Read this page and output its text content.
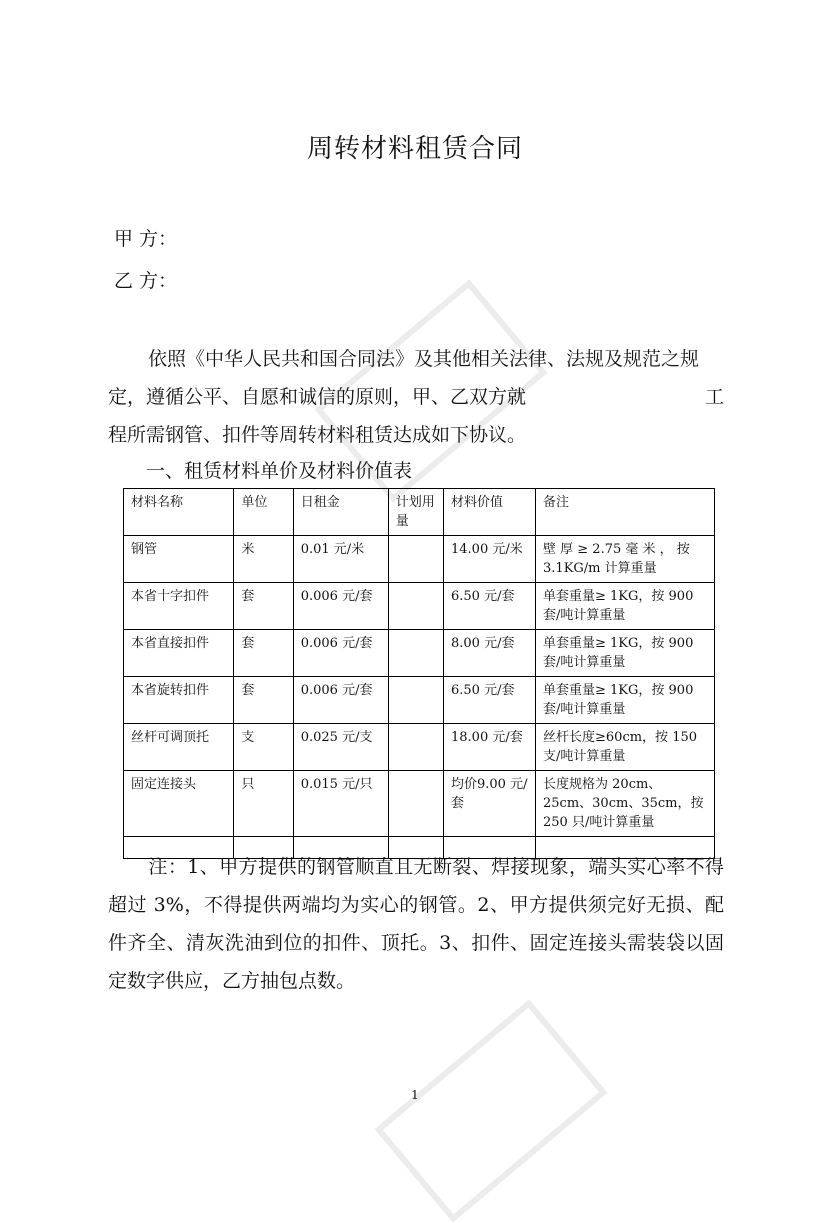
周转材料租赁合同
甲 方：
乙 方：
依照《中华人民共和国合同法》及其他相关法律、法规及规范之规
定，遵循公平、自愿和诚信的原则，甲、乙双方就	工
程所需钢管、扣件等周转材料租赁达成如下协议。
一、租赁材料单价及材料价值表
材料名称	单位	日租金	计划用量	材料价值	备注
钢管	米	0.01 元/米		14.00 元/米	壁 厚 ≥ 2.75 毫 米 ， 按 3.1KG/m 计算重量
本省十字扣件	套	0.006 元/套		6.50 元/套	单套重量≥ 1KG，按 900 套/吨计算重量
本省直接扣件	套	0.006 元/套		8.00 元/套	单套重量≥ 1KG，按 900 套/吨计算重量
本省旋转扣件	套	0.006 元/套		6.50 元/套	单套重量≥ 1KG，按 900 套/吨计算重量
丝杆可调顶托	支	0.025 元/支		18.00 元/套	丝杆长度≥60cm，按 150 支/吨计算重量
固定连接头	只	0.015 元/只		均价9.00 元/套	长度规格为 20cm、25cm、30cm、35cm，按 250 只/吨计算重量

注：1、甲方提供的钢管顺直且无断裂、焊接现象，端头实心率不得超过 3%，不得提供两端均为实心的钢管。2、甲方提供须完好无损、配件齐全、清灰洗油到位的扣件、顶托。3、扣件、固定连接头需装袋以固定数字供应，乙方抽包点数。
1
